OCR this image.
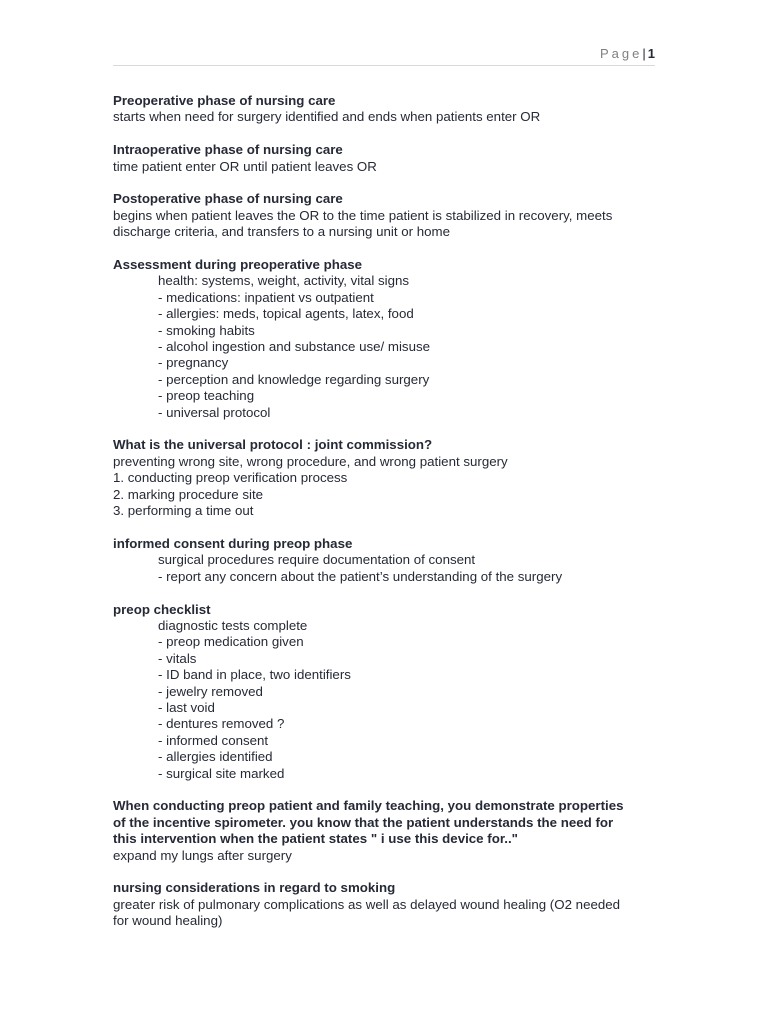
Page| 1

Preoperative phase of nursing care

starts when need for surgery identified and ends when patients enter OR

Intraoperative phase of nursing care

time patient enter OR until patient leaves OR

Postoperative phase of nursing care

begins when patient leaves the OR to the time patient is stabilized in recovery, meets

discharge criteria, and transfers to a nursing unit or home

Assessment during preoperative phase

health: systems, weight, activity, vital signs

- medications: inpatient vs outpatient

- allergies: meds, topical agents, latex, food

- smoking habits

- alcohol ingestion and substance use/ misuse

- pregnancy

- perception and knowledge regarding surgery

- preop teaching

- universal protocol

What is the universal protocol : joint commission?

preventing wrong site, wrong procedure, and wrong patient surgery

1. conducting preop verification process

2. marking procedure site

3. performing a time out

informed consent during preop phase

surgical procedures require documentation of consent

- report any concern about the patient’s understanding of the surgery

preop checklist

diagnostic tests complete

- preop medication given

- vitals

- ID band in place, two identifiers

- jewelry removed

- last void

- dentures removed ?

- informed consent

- allergies identified

- surgical site marked

When conducting preop patient and family teaching, you demonstrate properties

of the incentive spirometer. you know that the patient understands the need for

this intervention when the patient states " i use this device for.."

expand my lungs after surgery

nursing considerations in regard to smoking

greater risk of pulmonary complications as well as delayed wound healing (O2 needed

for wound healing)
